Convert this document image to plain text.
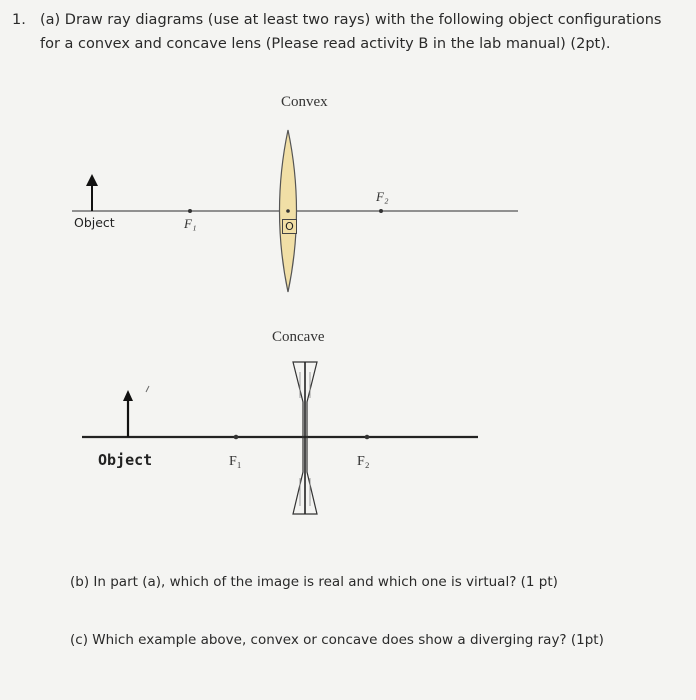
1. (a) Draw ray diagrams (use at least two rays) with the following object configurations
for a convex and concave lens (Please read activity B in the lab manual) (2pt).
Convex
Object	F₁
F₂
O
Concave
Object	F₁	F₂
(b) In part (a), which of the image is real and which one is virtual? (1 pt)
(c) Which example above, convex or concave does show a diverging ray? (1pt)
